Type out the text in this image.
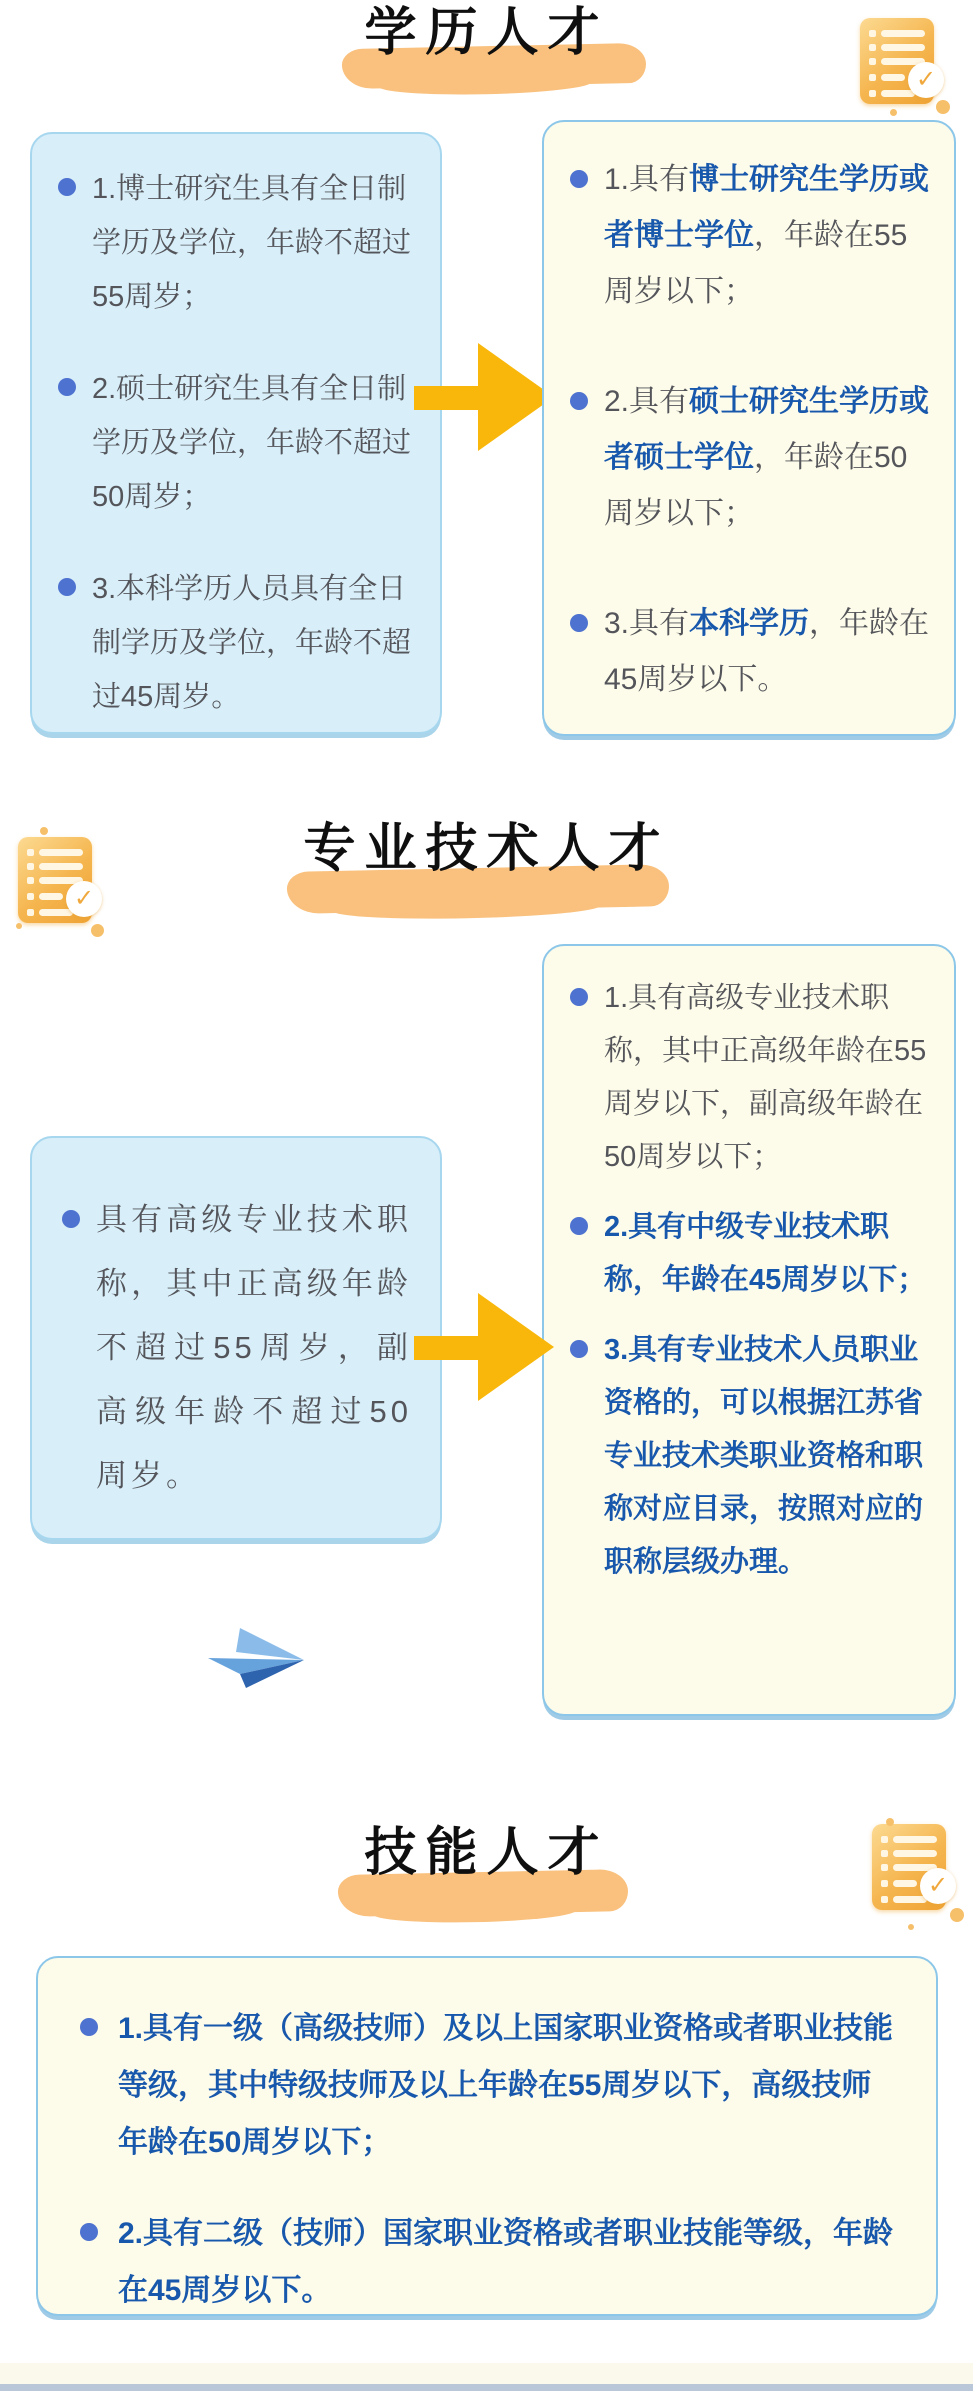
学历人才
✓
1.博士研究生具有全日制学历及学位，年龄不超过55周岁；
2.硕士研究生具有全日制学历及学位，年龄不超过50周岁；
3.本科学历人员具有全日制学历及学位，年龄不超过45周岁。
1.具有博士研究生学历或者博士学位，年龄在55周岁以下；
2.具有硕士研究生学历或者硕士学位，年龄在50周岁以下；
3.具有本科学历，年龄在45周岁以下。
✓
专业技术人才
1.具有高级专业技术职称，其中正高级年龄在55周岁以下，副高级年龄在50周岁以下；
2.具有中级专业技术职称，年龄在45周岁以下；
3.具有专业技术人员职业资格的，可以根据江苏省专业技术类职业资格和职称对应目录，按照对应的职称层级办理。
具有高级专业技术职称，其中正高级年龄不超过55周岁，副高级年龄不超过50周岁。
技能人才
✓
1.具有一级（高级技师）及以上国家职业资格或者职业技能等级，其中特级技师及以上年龄在55周岁以下，高级技师年龄在50周岁以下；
2.具有二级（技师）国家职业资格或者职业技能等级，年龄在45周岁以下。
